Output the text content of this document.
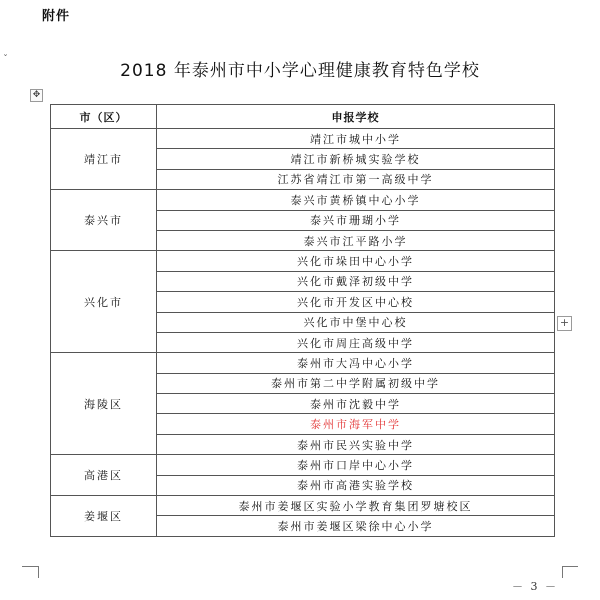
附件
ˇ
2018 年泰州市中小学心理健康教育特色学校
✥
市（区）	申报学校
靖江市	靖江市城中小学
	靖江市新桥城实验学校
	江苏省靖江市第一高级中学
泰兴市	泰兴市黄桥镇中心小学
	泰兴市珊瑚小学
	泰兴市江平路小学
兴化市	兴化市垛田中心小学
	兴化市戴泽初级中学
	兴化市开发区中心校
	兴化市中堡中心校
	兴化市周庄高级中学
海陵区	泰州市大冯中心小学
	泰州市第二中学附属初级中学
	泰州市沈毅中学
	泰州市海军中学
	泰州市民兴实验中学
高港区	泰州市口岸中心小学
	泰州市高港实验学校
姜堰区	泰州市姜堰区实验小学教育集团罗塘校区
	泰州市姜堰区梁徐中心小学
+
－ 3 －
